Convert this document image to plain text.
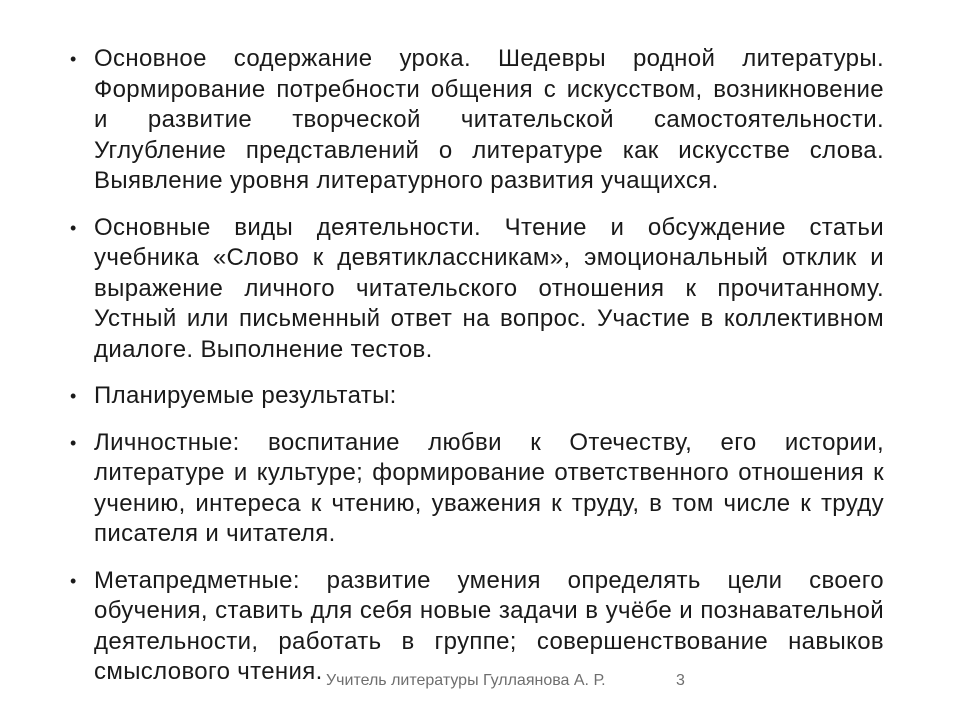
• Основное содержание урока. Шедевры родной литературы. Формирование потребности общения с искусством, возникновение и развитие творческой читательской самостоятельности. Углубление представлений о литературе как искусстве слова. Выявление уровня литературного развития учащихся.
• Основные виды деятельности. Чтение и обсуждение статьи учебника «Слово к девятиклассникам», эмоциональный отклик и выражение личного читательского отношения к прочитанному. Устный или письменный ответ на вопрос. Участие в коллективном диалоге. Выполнение тестов.
• Планируемые результаты:
• Личностные: воспитание любви к Отечеству, его истории, литературе и культуре; формирование ответственного отношения к учению, интереса к чтению, уважения к труду, в том числе к труду писателя и читателя.
• Метапредметные: развитие умения определять цели своего обучения, ставить для себя новые задачи в учёбе и познавательной деятельности, работать в группе; совершенствование навыков смыслового чтения. Учитель литературы Гуллаянова А. Р.	3
